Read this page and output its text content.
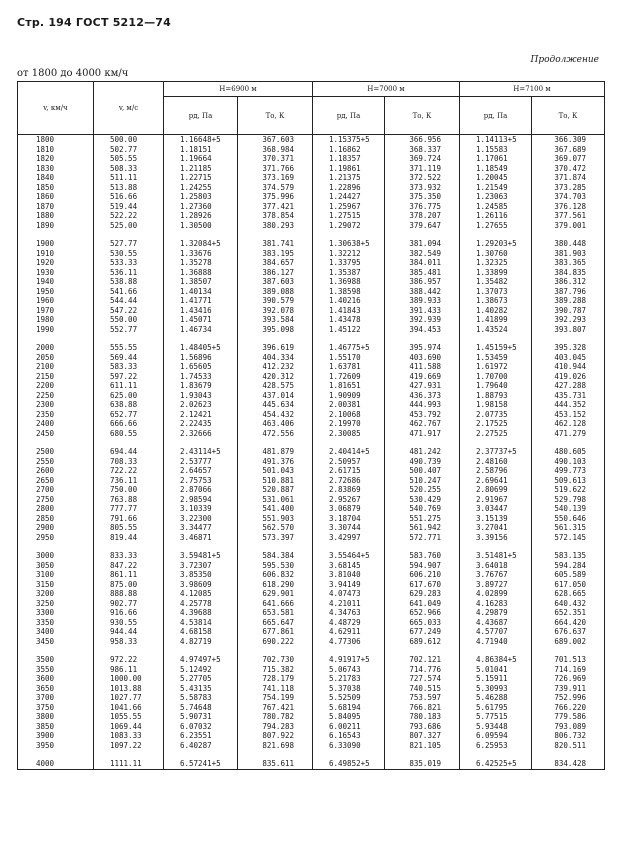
Стр. 194 ГОСТ 5212—74
Продолжение
от 1800 до 4000 км/ч
v, км/ч	v, м/с	H=6900 м		H=7000 м		H=7100 м	
		pд, Па	Tо, К	pд, Па	Tо, К	pд, Па	Tо, К
1800	500.00	1.16648+5	367.603	1.15375+5	366.956	1.14113+5	366.309
1810	502.77	1.18151	368.984	1.16862	368.337	1.15583	367.689
1820	505.55	1.19664	370.371	1.18357	369.724	1.17061	369.077
1830	508.33	1.21185	371.766	1.19861	371.119	1.18549	370.472
1840	511.11	1.22715	373.169	1.21375	372.522	1.20045	371.874
1850	513.88	1.24255	374.579	1.22896	373.932	1.21549	373.285
1860	516.66	1.25803	375.996	1.24427	375.350	1.23063	374.703
1870	519.44	1.27360	377.421	1.25967	376.775	1.24585	376.128
1880	522.22	1.28926	378.854	1.27515	378.207	1.26116	377.561
1890	525.00	1.30500	380.293	1.29072	379.647	1.27655	379.001

1900	527.77	1.32084+5	381.741	1.30638+5	381.094	1.29203+5	380.448
1910	530.55	1.33676	383.195	1.32212	382.549	1.30760	381.903
1920	533.33	1.35278	384.657	1.33795	384.011	1.32325	383.365
1930	536.11	1.36888	386.127	1.35387	385.481	1.33899	384.835
1940	538.88	1.38507	387.603	1.36988	386.957	1.35482	386.312
1950	541.66	1.40134	389.088	1.38598	388.442	1.37073	387.796
1960	544.44	1.41771	390.579	1.40216	389.933	1.38673	389.288
1970	547.22	1.43416	392.078	1.41843	391.433	1.40282	390.787
1980	550.00	1.45071	393.584	1.43478	392.939	1.41899	392.293
1990	552.77	1.46734	395.098	1.45122	394.453	1.43524	393.807

2000	555.55	1.48405+5	396.619	1.46775+5	395.974	1.45159+5	395.328
2050	569.44	1.56896	404.334	1.55170	403.690	1.53459	403.045
2100	583.33	1.65605	412.232	1.63781	411.588	1.61972	410.944
2150	597.22	1.74533	420.312	1.72609	419.669	1.70700	419.026
2200	611.11	1.83679	428.575	1.81651	427.931	1.79640	427.288
2250	625.00	1.93043	437.014	1.90909	436.373	1.88793	435.731
2300	638.88	2.02623	445.634	2.00381	444.993	1.98158	444.352
2350	652.77	2.12421	454.432	2.10068	453.792	2.07735	453.152
2400	666.66	2.22435	463.406	2.19970	462.767	2.17525	462.128
2450	680.55	2.32666	472.556	2.30085	471.917	2.27525	471.279

2500	694.44	2.43114+5	481.879	2.40414+5	481.242	2.37737+5	480.605
2550	708.33	2.53777	491.376	2.50957	490.739	2.48160	490.103
2600	722.22	2.64657	501.043	2.61715	500.407	2.58796	499.773
2650	736.11	2.75753	510.881	2.72686	510.247	2.69641	509.613
2700	750.00	2.87066	520.887	2.83869	520.255	2.80699	519.622
2750	763.88	2.98594	531.061	2.95267	530.429	2.91967	529.798
2800	777.77	3.10339	541.400	3.06879	540.769	3.03447	540.139
2850	791.66	3.22300	551.903	3.18704	551.275	3.15139	550.646
2900	805.55	3.34477	562.570	3.30744	561.942	3.27041	561.315
2950	819.44	3.46871	573.397	3.42997	572.771	3.39156	572.145

3000	833.33	3.59481+5	584.384	3.55464+5	583.760	3.51481+5	583.135
3050	847.22	3.72307	595.530	3.68145	594.907	3.64018	594.284
3100	861.11	3.85350	606.832	3.81040	606.210	3.76767	605.589
3150	875.00	3.98609	618.290	3.94149	617.670	3.89727	617.050
3200	888.88	4.12085	629.901	4.07473	629.283	4.02899	628.665
3250	902.77	4.25778	641.666	4.21011	641.049	4.16283	640.432
3300	916.66	4.39688	653.581	4.34763	652.966	4.29879	652.351
3350	930.55	4.53814	665.647	4.48729	665.033	4.43687	664.420
3400	944.44	4.68158	677.861	4.62911	677.249	4.57707	676.637
3450	958.33	4.82719	690.222	4.77306	689.612	4.71940	689.002

3500	972.22	4.97497+5	702.730	4.91917+5	702.121	4.86384+5	701.513
3550	986.11	5.12492	715.382	5.06743	714.776	5.01041	714.169
3600	1000.00	5.27705	728.179	5.21783	727.574	5.15911	726.969
3650	1013.88	5.43135	741.118	5.37038	740.515	5.30993	739.911
3700	1027.77	5.58783	754.199	5.52509	753.597	5.46288	752.996
3750	1041.66	5.74648	767.421	5.68194	766.821	5.61795	766.220
3800	1055.55	5.90731	780.782	5.84095	780.183	5.77515	779.586
3850	1069.44	6.07032	794.283	6.00211	793.686	5.93448	793.089
3900	1083.33	6.23551	807.922	6.16543	807.327	6.09594	806.732
3950	1097.22	6.40287	821.698	6.33090	821.105	6.25953	820.511

4000	1111.11	6.57241+5	835.611	6.49852+5	835.019	6.42525+5	834.428
